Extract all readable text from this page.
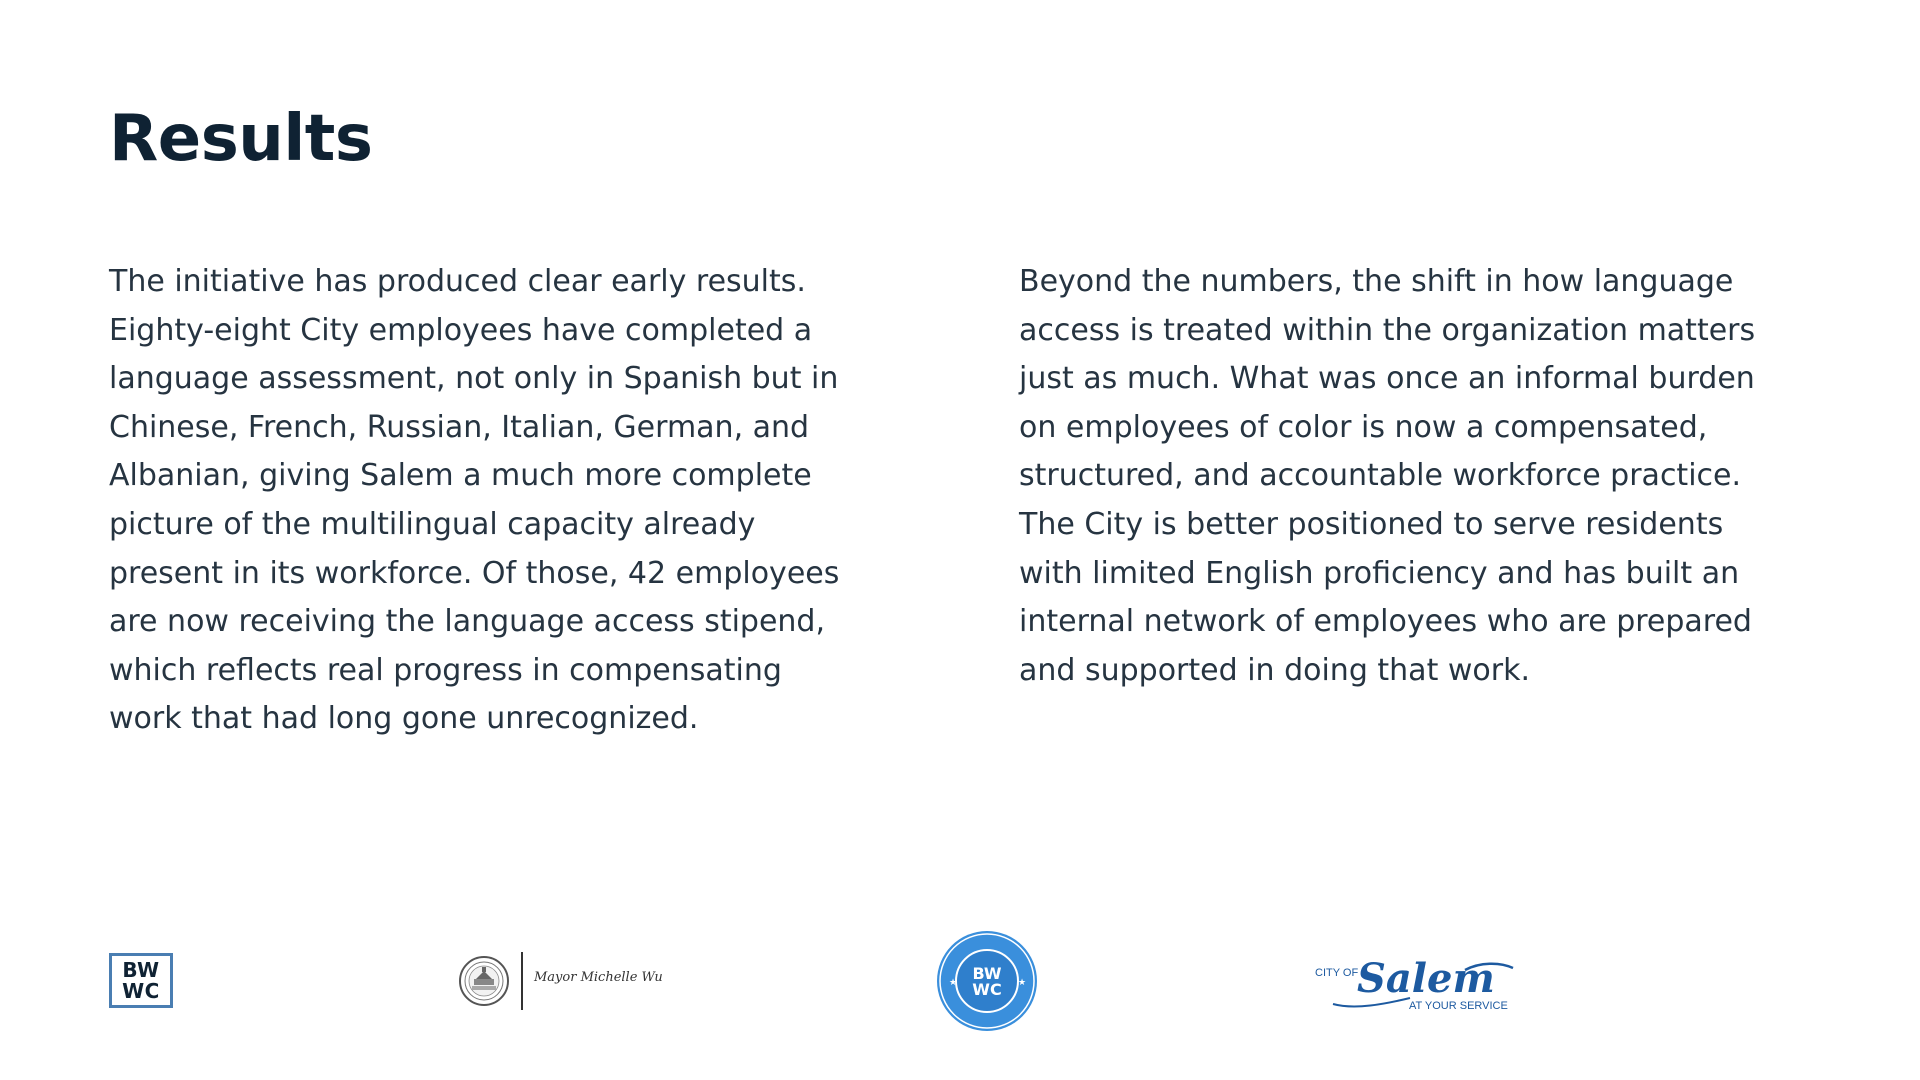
Results

The initiative has produced clear early results.
Eighty-eight City employees have completed a
language assessment, not only in Spanish but in
Chinese, French, Russian, Italian, German, and
Albanian, giving Salem a much more complete
picture of the multilingual capacity already
present in its workforce. Of those, 42 employees
are now receiving the language access stipend,
which reflects real progress in compensating
work that had long gone unrecognized.

Beyond the numbers, the shift in how language
access is treated within the organization matters
just as much. What was once an informal burden
on employees of color is now a compensated,
structured, and accountable workforce practice.
The City is better positioned to serve residents
with limited English proficiency and has built an
internal network of employees who are prepared
and supported in doing that work.

BW
WC
Mayor Michelle Wu	BW
WC
★	★
CITY OF
Salem
AT YOUR SERVICE
